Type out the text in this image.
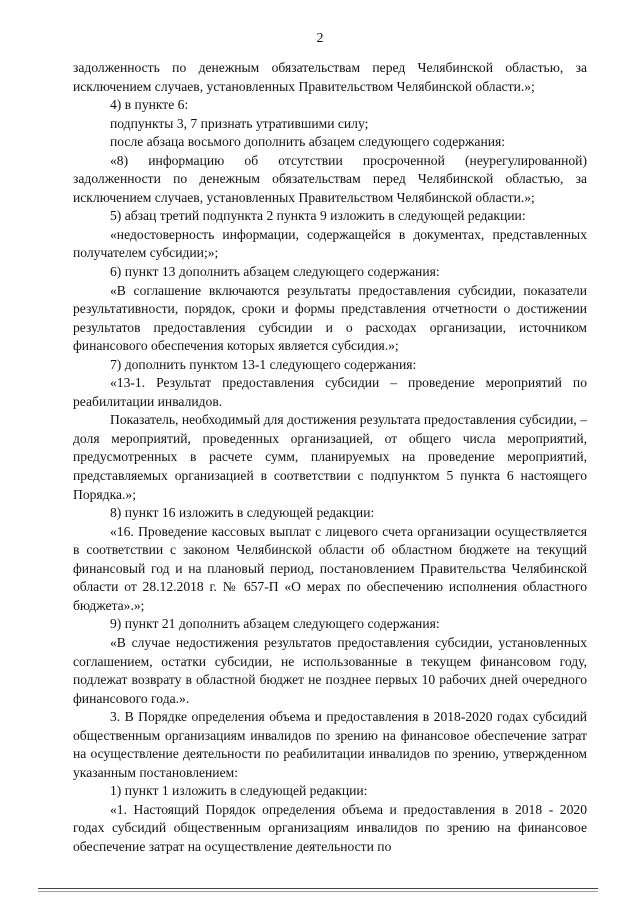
2

задолженность по денежным обязательствам перед Челябинской областью, за исключением случаев, установленных Правительством Челябинской области.»;

4) в пункте 6:

подпункты 3, 7 признать утратившими силу;

после абзаца восьмого дополнить абзацем следующего содержания:

«8) информацию об отсутствии просроченной (неурегулированной) задолженности по денежным обязательствам перед Челябинской областью, за исключением случаев, установленных Правительством Челябинской области.»;

5) абзац третий подпункта 2 пункта 9 изложить в следующей редакции:

«недостоверность информации, содержащейся в документах, представленных получателем субсидии;»;

6) пункт 13 дополнить абзацем следующего содержания:

«В соглашение включаются результаты предоставления субсидии, показатели результативности, порядок, сроки и формы представления отчетности о достижении результатов предоставления субсидии и о расходах организации, источником финансового обеспечения которых является субсидия.»;

7) дополнить пунктом 13-1 следующего содержания:

«13-1. Результат предоставления субсидии – проведение мероприятий по реабилитации инвалидов.

Показатель, необходимый для достижения результата предоставления субсидии, – доля мероприятий, проведенных организацией, от общего числа мероприятий, предусмотренных в расчете сумм, планируемых на проведение мероприятий, представляемых организацией в соответствии с подпунктом 5 пункта 6 настоящего Порядка.»;

8) пункт 16 изложить в следующей редакции:

«16. Проведение кассовых выплат с лицевого счета организации осуществляется в соответствии с законом Челябинской области об областном бюджете на текущий финансовый год и на плановый период, постановлением Правительства Челябинской области от 28.12.2018 г. № 657-П «О мерах по обеспечению исполнения областного бюджета».»;

9) пункт 21 дополнить абзацем следующего содержания:

«В случае недостижения результатов предоставления субсидии, установленных соглашением, остатки субсидии, не использованные в текущем финансовом году, подлежат возврату в областной бюджет не позднее первых 10 рабочих дней очередного финансового года.».

3. В Порядке определения объема и предоставления в 2018-2020 годах субсидий общественным организациям инвалидов по зрению на финансовое обеспечение затрат на осуществление деятельности по реабилитации инвалидов по зрению, утвержденном указанным постановлением:

1) пункт 1 изложить в следующей редакции:

«1. Настоящий Порядок определения объема и предоставления в 2018 - 2020 годах субсидий общественным организациям инвалидов по зрению на финансовое обеспечение затрат на осуществление деятельности по
